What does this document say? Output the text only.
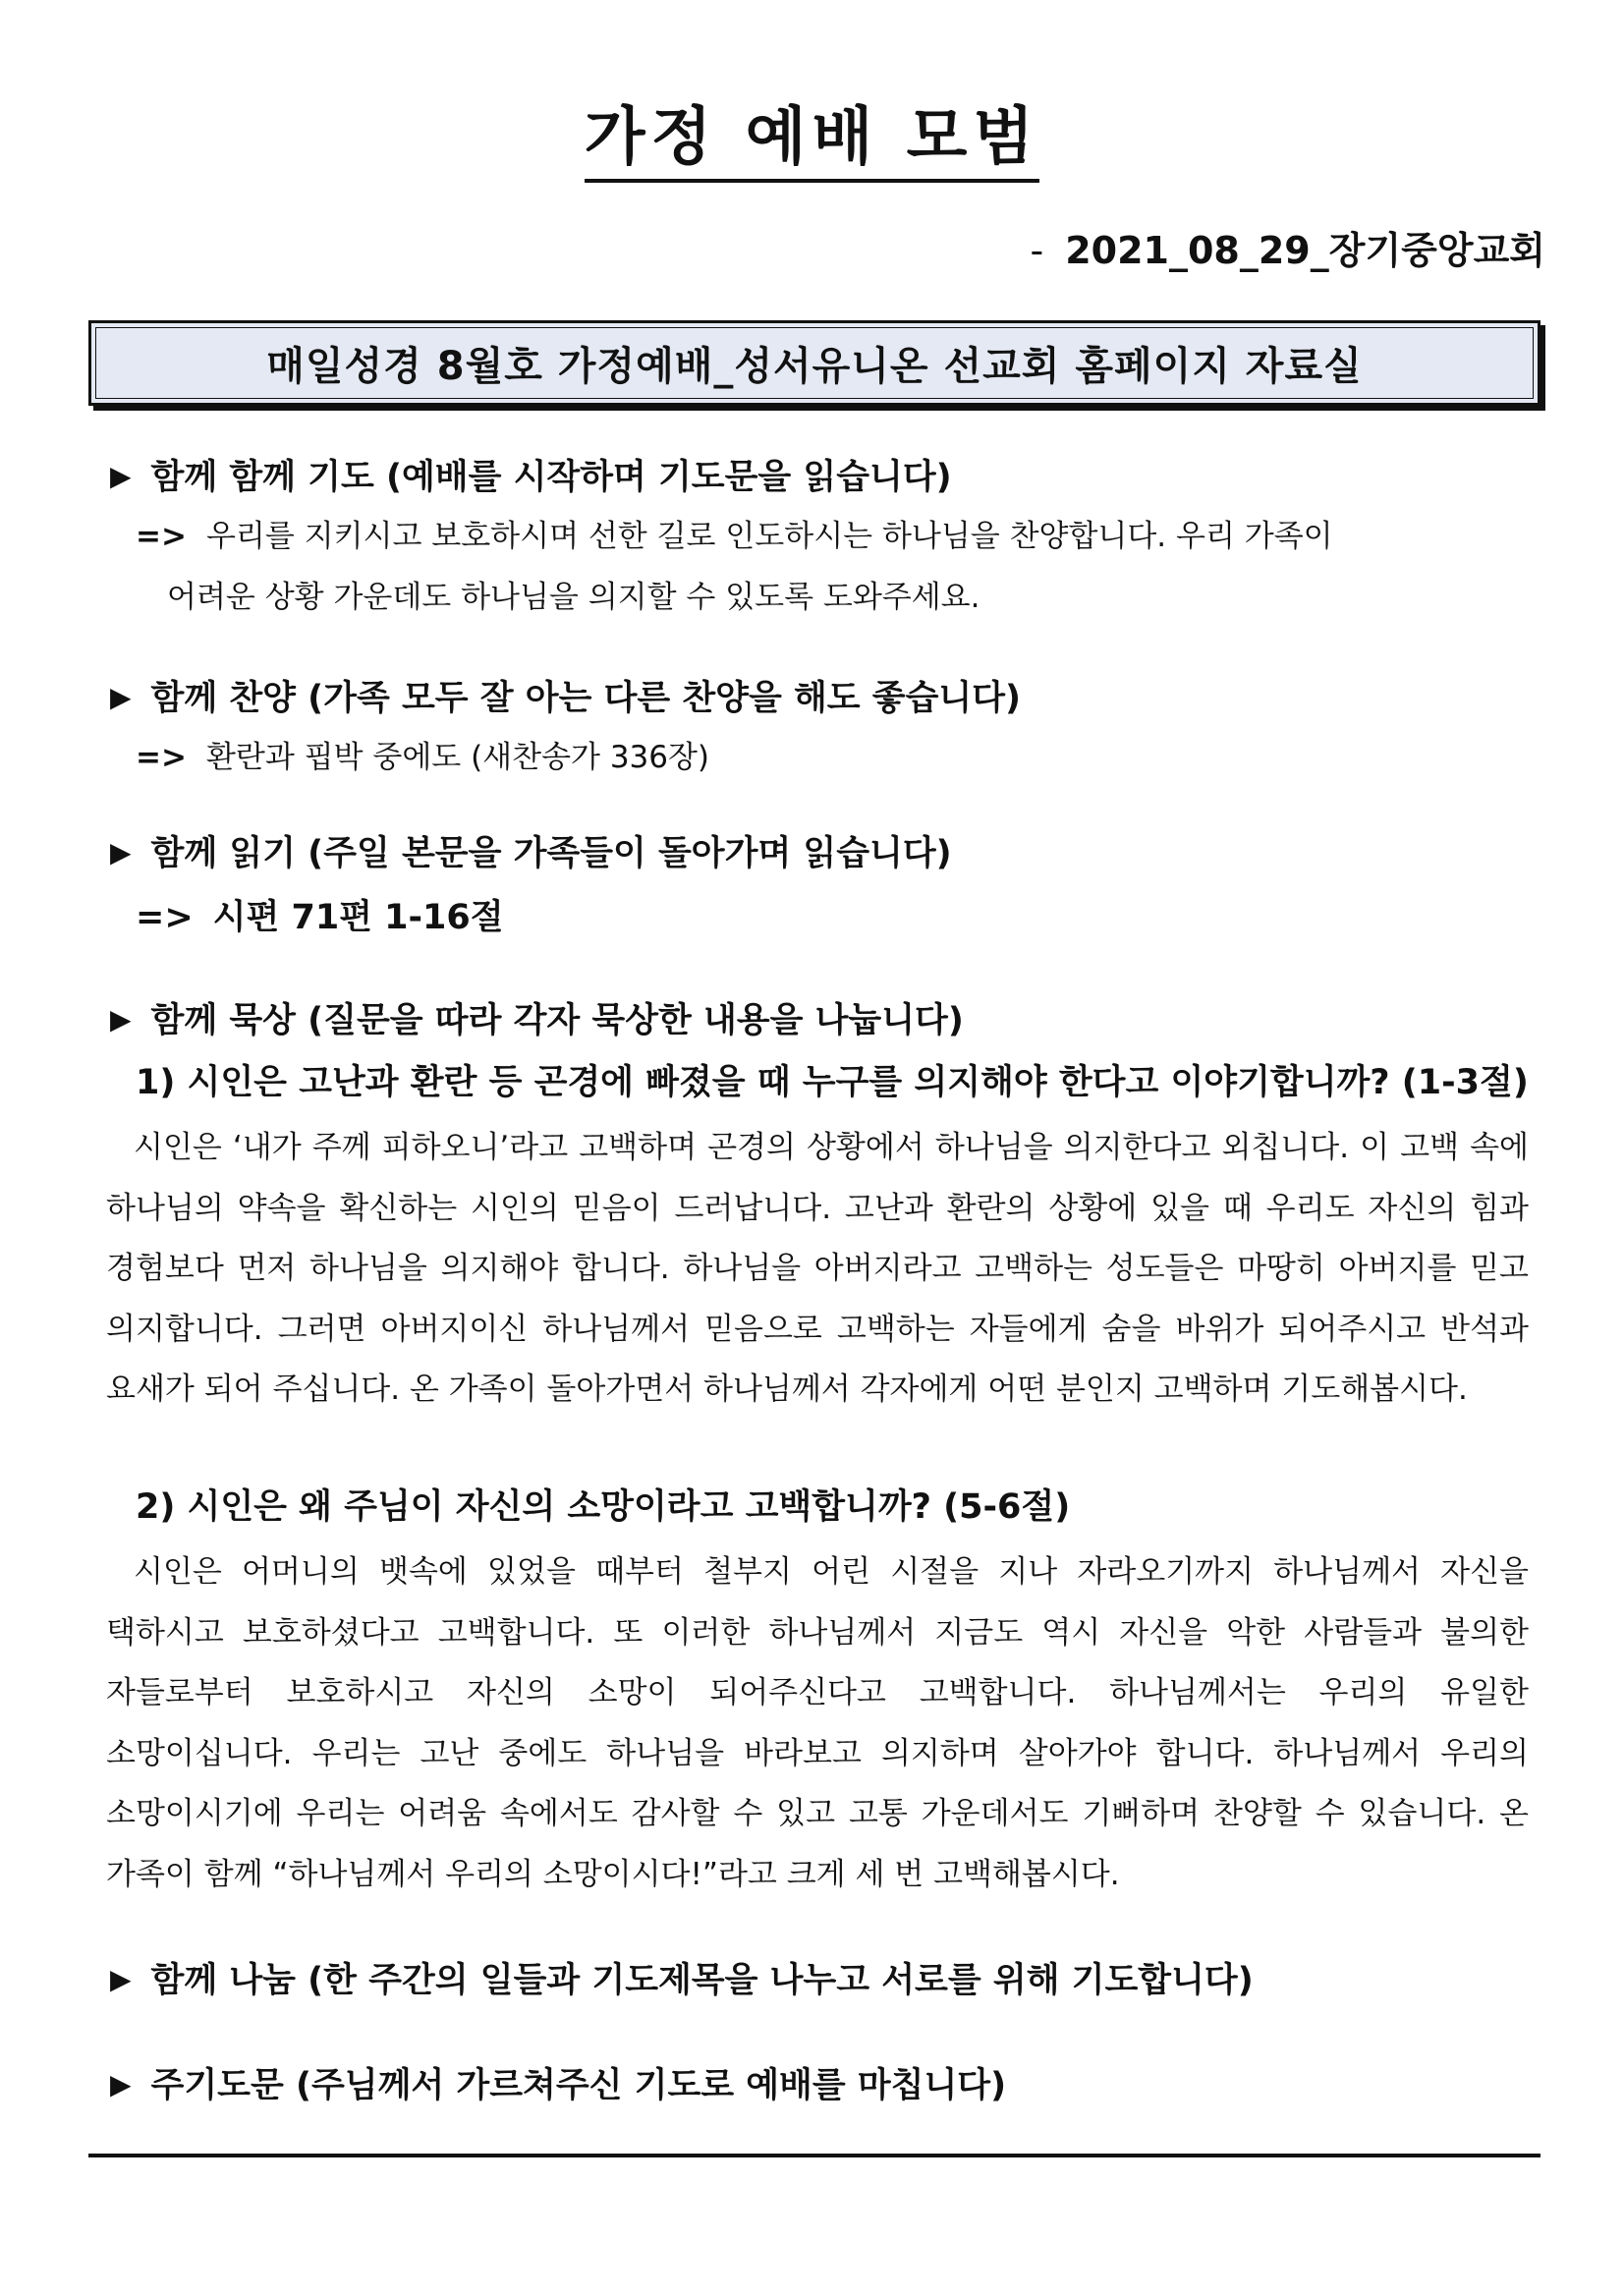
가정 예배 모범
- 2021_08_29_장기중앙교회
매일성경 8월호 가정예배_성서유니온 선교회 홈페이지 자료실
▶ 함께 함께 기도 (예배를 시작하며 기도문을 읽습니다)
=> 우리를 지키시고 보호하시며 선한 길로 인도하시는 하나님을 찬양합니다. 우리 가족이
어려운 상황 가운데도 하나님을 의지할 수 있도록 도와주세요.
▶ 함께 찬양 (가족 모두 잘 아는 다른 찬양을 해도 좋습니다)
=> 환란과 핍박 중에도 (새찬송가 336장)
▶ 함께 읽기 (주일 본문을 가족들이 돌아가며 읽습니다)
=> 시편 71편 1-16절
▶ 함께 묵상 (질문을 따라 각자 묵상한 내용을 나눕니다)
1) 시인은 고난과 환란 등 곤경에 빠졌을 때 누구를 의지해야 한다고 이야기합니까? (1-3절)
시인은 ‘내가 주께 피하오니’라고 고백하며 곤경의 상황에서 하나님을 의지한다고 외칩니다. 이 고백 속에 하나님의 약속을 확신하는 시인의 믿음이 드러납니다. 고난과 환란의 상황에 있을 때 우리도 자신의 힘과 경험보다 먼저 하나님을 의지해야 합니다. 하나님을 아버지라고 고백하는 성도들은 마땅히 아버지를 믿고 의지합니다. 그러면 아버지이신 하나님께서 믿음으로 고백하는 자들에게 숨을 바위가 되어주시고 반석과 요새가 되어 주십니다. 온 가족이 돌아가면서 하나님께서 각자에게 어떤 분인지 고백하며 기도해봅시다.
2) 시인은 왜 주님이 자신의 소망이라고 고백합니까? (5-6절)
시인은 어머니의 뱃속에 있었을 때부터 철부지 어린 시절을 지나 자라오기까지 하나님께서 자신을 택하시고 보호하셨다고 고백합니다. 또 이러한 하나님께서 지금도 역시 자신을 악한 사람들과 불의한 자들로부터 보호하시고 자신의 소망이 되어주신다고 고백합니다. 하나님께서는 우리의 유일한 소망이십니다. 우리는 고난 중에도 하나님을 바라보고 의지하며 살아가야 합니다. 하나님께서 우리의 소망이시기에 우리는 어려움 속에서도 감사할 수 있고 고통 가운데서도 기뻐하며 찬양할 수 있습니다. 온 가족이 함께 “하나님께서 우리의 소망이시다!”라고 크게 세 번 고백해봅시다.
▶ 함께 나눔 (한 주간의 일들과 기도제목을 나누고 서로를 위해 기도합니다)
▶ 주기도문 (주님께서 가르쳐주신 기도로 예배를 마칩니다)
